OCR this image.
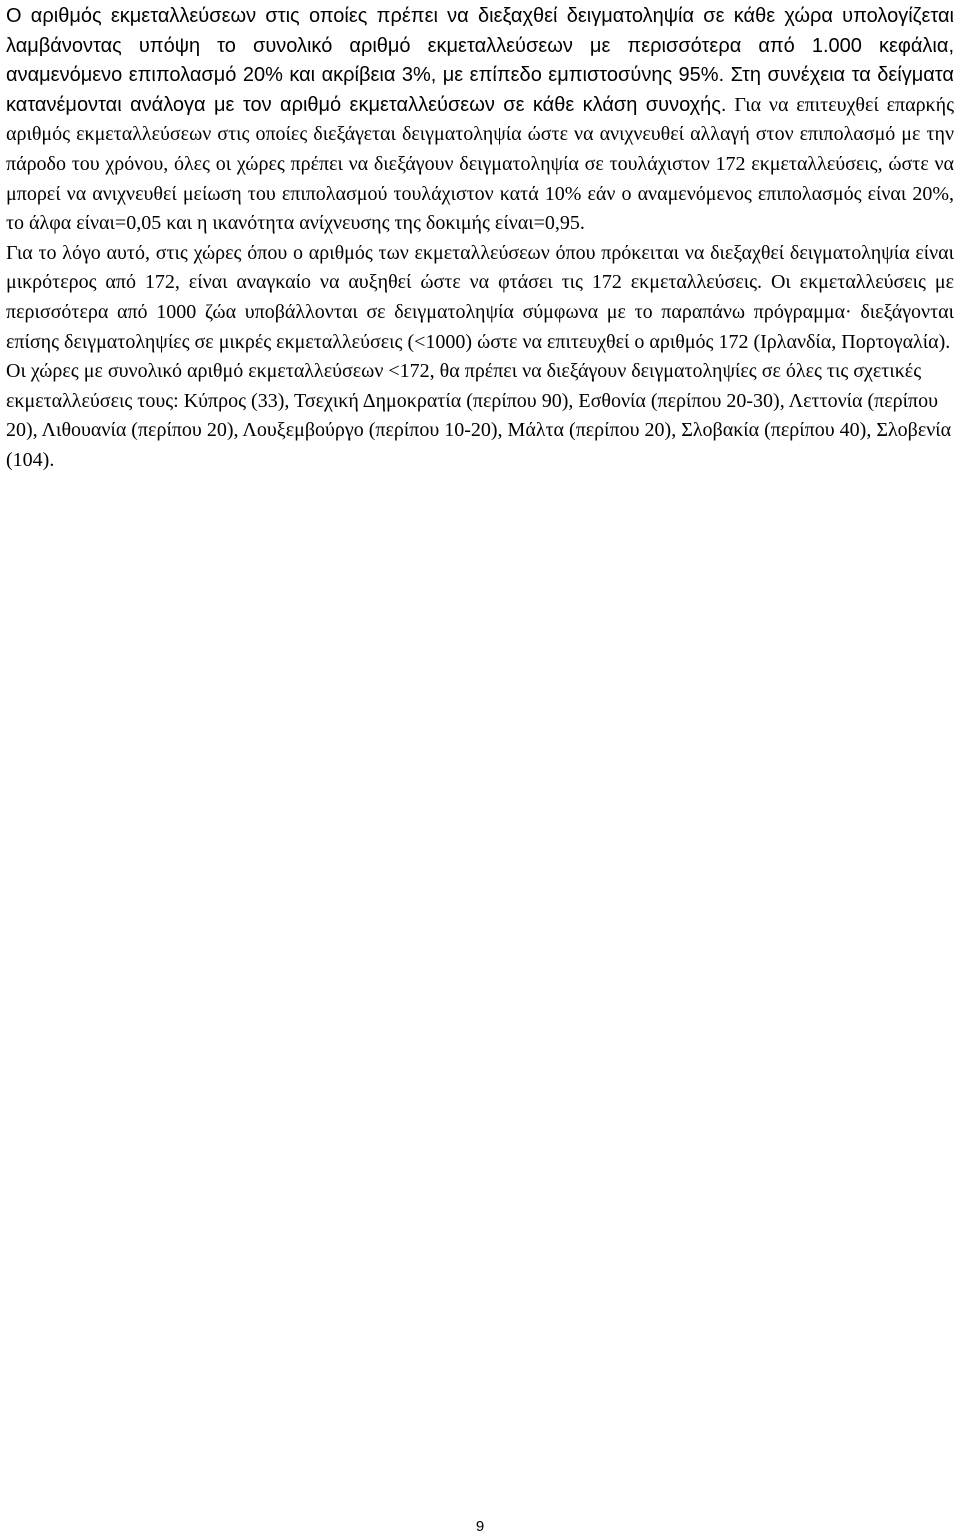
Ο αριθμός εκμεταλλεύσεων στις οποίες πρέπει να διεξαχθεί δειγματοληψία σε κάθε χώρα υπολογίζεται λαμβάνοντας υπόψη το συνολικό αριθμό εκμεταλλεύσεων με περισσότερα από 1.000 κεφάλια, αναμενόμενο επιπολασμό 20% και ακρίβεια 3%, με επίπεδο εμπιστοσύνης 95%. Στη συνέχεια τα δείγματα κατανέμονται ανάλογα με τον αριθμό εκμεταλλεύσεων σε κάθε κλάση συνοχής. Για να επιτευχθεί επαρκής αριθμός εκμεταλλεύσεων στις οποίες διεξάγεται δειγματοληψία ώστε να ανιχνευθεί αλλαγή στον επιπολασμό με την πάροδο του χρόνου, όλες οι χώρες πρέπει να διεξάγουν δειγματοληψία σε τουλάχιστον 172 εκμεταλλεύσεις, ώστε να μπορεί να ανιχνευθεί μείωση του επιπολασμού τουλάχιστον κατά 10% εάν ο αναμενόμενος επιπολασμός είναι 20%, το άλφα είναι=0,05 και η ικανότητα ανίχνευσης της δοκιμής είναι=0,95.

Για το λόγο αυτό, στις χώρες όπου ο αριθμός των εκμεταλλεύσεων όπου πρόκειται να διεξαχθεί δειγματοληψία είναι μικρότερος από 172, είναι αναγκαίο να αυξηθεί ώστε να φτάσει τις 172 εκμεταλλεύσεις. Οι εκμεταλλεύσεις με περισσότερα από 1000 ζώα υποβάλλονται σε δειγματοληψία σύμφωνα με το παραπάνω πρόγραμμα· διεξάγονται επίσης δειγματοληψίες σε μικρές εκμεταλλεύσεις (<1000) ώστε να επιτευχθεί ο αριθμός 172 (Ιρλανδία, Πορτογαλία).

Οι χώρες με συνολικό αριθμό εκμεταλλεύσεων <172, θα πρέπει να διεξάγουν δειγματοληψίες σε όλες τις σχετικές εκμεταλλεύσεις τους: Κύπρος (33), Τσεχική Δημοκρατία (περίπου 90), Εσθονία (περίπου 20-30), Λεττονία (περίπου 20), Λιθουανία (περίπου 20), Λουξεμβούργο (περίπου 10-20), Μάλτα (περίπου 20), Σλοβακία (περίπου 40), Σλοβενία (104).

9
